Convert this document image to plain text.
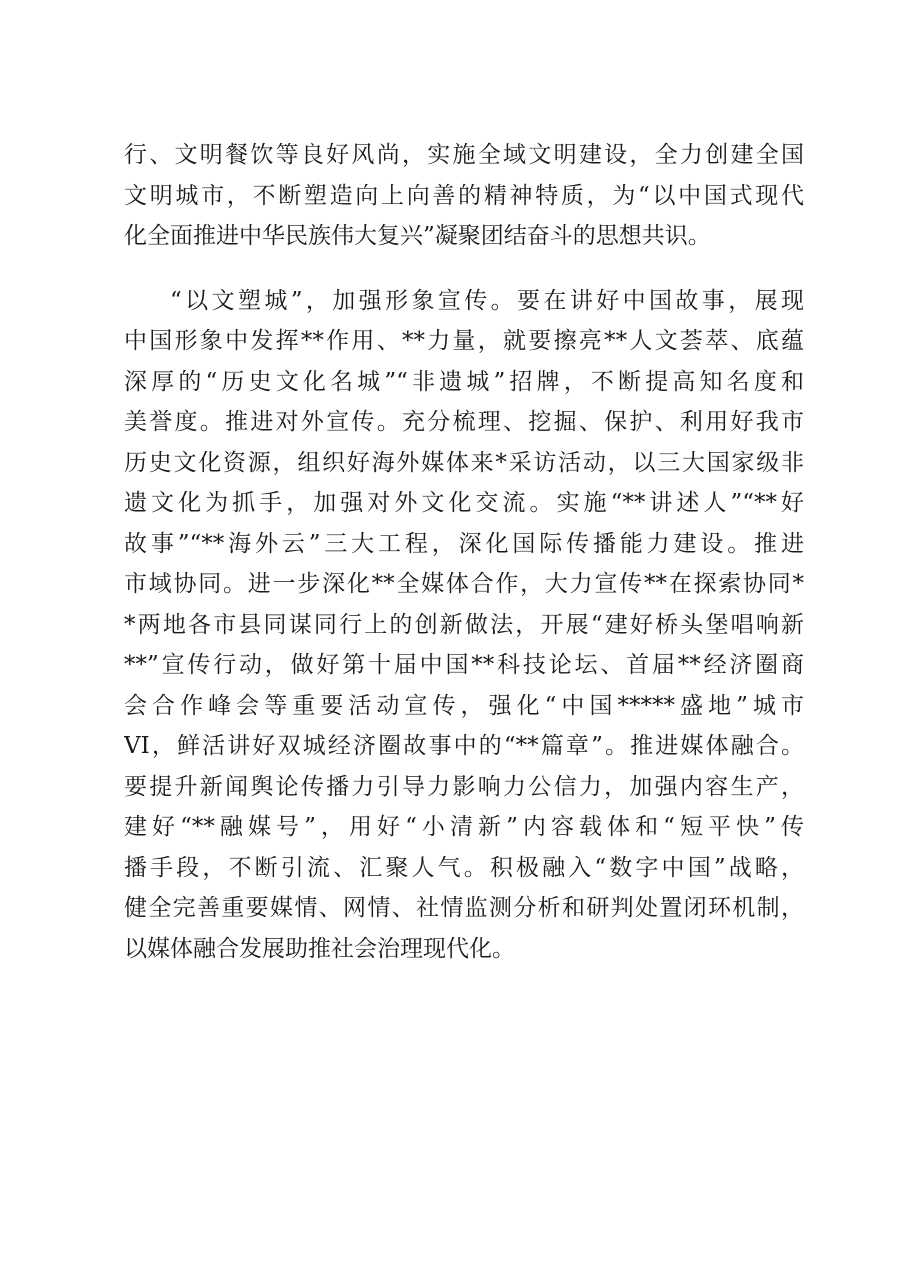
行、文明餐饮等良好风尚，实施全域文明建设，全力创建全国
文明城市，不断塑造向上向善的精神特质，为“以中国式现代
化全面推进中华民族伟大复兴”凝聚团结奋斗的思想共识。
“以文塑城”，加强形象宣传。要在讲好中国故事，展现
中国形象中发挥**作用、**力量，就要擦亮**人文荟萃、底蕴
深厚的“历史文化名城”“非遗城”招牌，不断提高知名度和
美誉度。推进对外宣传。充分梳理、挖掘、保护、利用好我市
历史文化资源，组织好海外媒体来*采访活动，以三大国家级非
遗文化为抓手，加强对外文化交流。实施“**讲述人”“**好
故事”“**海外云”三大工程，深化国际传播能力建设。推进
市域协同。进一步深化**全媒体合作，大力宣传**在探索协同*
*两地各市县同谋同行上的创新做法，开展“建好桥头堡唱响新
**”宣传行动，做好第十届中国**科技论坛、首届**经济圈商
会合作峰会等重要活动宣传，强化“中国*****盛地”城市
VI，鲜活讲好双城经济圈故事中的“**篇章”。推进媒体融合。
要提升新闻舆论传播力引导力影响力公信力，加强内容生产，
建好“**融媒号”，用好“小清新”内容载体和“短平快”传
播手段，不断引流、汇聚人气。积极融入“数字中国”战略，
健全完善重要媒情、网情、社情监测分析和研判处置闭环机制，
以媒体融合发展助推社会治理现代化。
